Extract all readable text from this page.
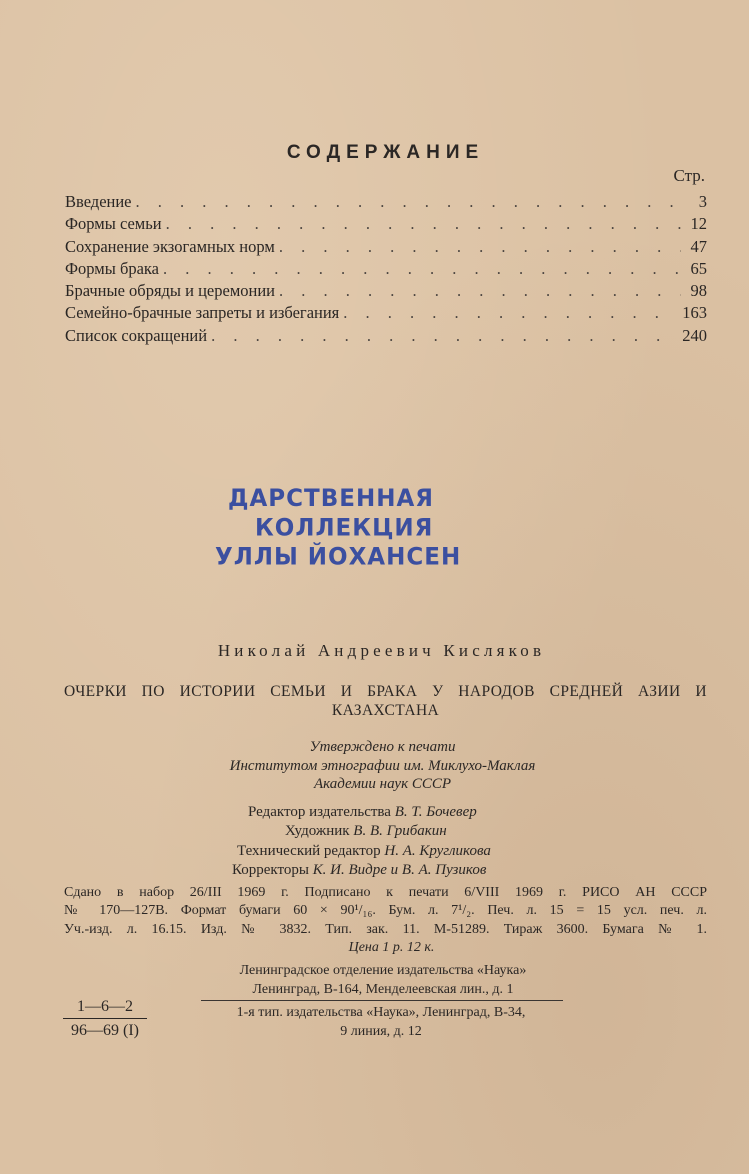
СОДЕРЖАНИЕ
Стр.
Введение . . .	3
Формы семьи . . .	12
Сохранение экзогамных норм . . .	47
Формы брака . . .	65
Брачные обряды и церемонии . . .	98
Семейно-брачные запреты и избегания . . .	163
Список сокращений . . .	240
ДАРСТВЕННАЯ
КОЛЛЕКЦИЯ
УЛЛЫ ЙОХАНСЕН
Николай Андреевич Кисляков
ОЧЕРКИ ПО ИСТОРИИ СЕМЬИ И БРАКА У НАРОДОВ СРЕДНЕЙ АЗИИ И
КАЗАХСТАНА
Утверждено к печати
Институтом этнографии им. Миклухо-Маклая
Академии наук СССР
Редактор издательства В. Т. Бочевер
Художник В. В. Грибакин
Технический редактор Н. А. Кругликова
Корректоры К. И. Видре и В. А. Пузиков
Сдано в набор 26/III 1969 г. Подписано к печати 6/VIII 1969 г. РИСО АН СССР
№ 170—127В. Формат бумаги 60 × 90¹/₁₆. Бум. л. 7¹/₂. Печ. л. 15 = 15 усл. печ. л.
Уч.-изд. л. 16.15. Изд. № 3832. Тип. зак. 11. М-51289. Тираж 3600. Бумага № 1.
Цена 1 р. 12 к.
Ленинградское отделение издательства «Наука»
Ленинград, В-164, Менделеевская лин., д. 1
1-я тип. издательства «Наука», Ленинград, В-34,
9 линия, д. 12
1—6—2
96—69 (I)
